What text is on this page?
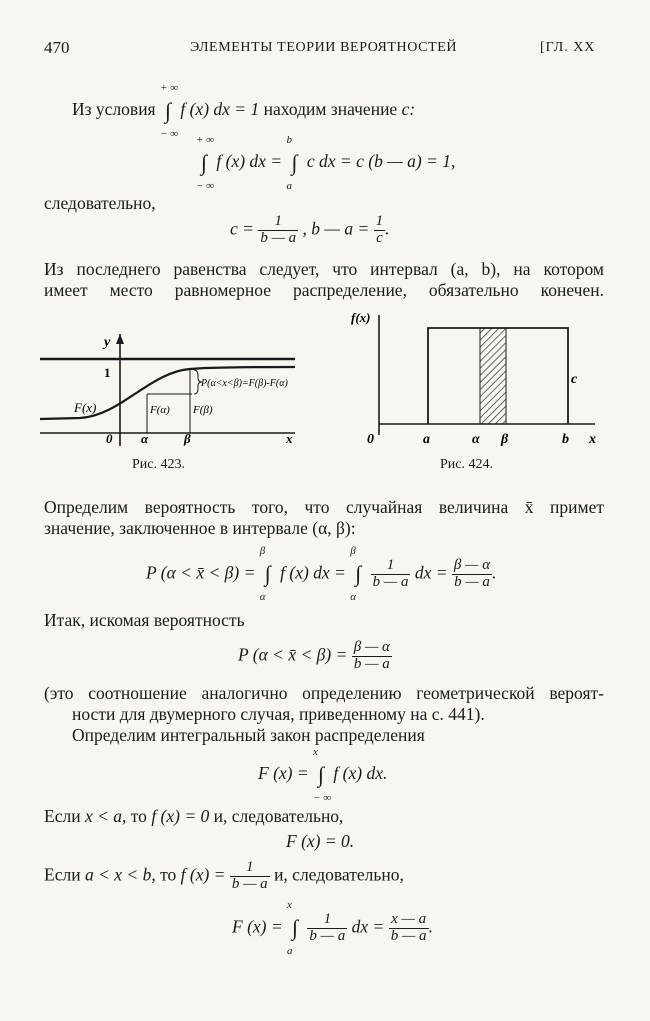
470	ЭЛЕМЕНТЫ ТЕОРИИ ВЕРОЯТНОСТЕЙ	[ГЛ. XX
Из условия ∫
+ ∞
− ∞
f (x) dx = 1 находим значение c:
∫
+ ∞
− ∞
f (x) dx = ∫
b
a
c dx = c (b — a) = 1,
следовательно,
$c = \frac{1}{b — a}$ , b — $a = \frac{1}{c}$ .
Из последнего равенства следует, что интервал (a, b), на котором
имеет место равномерное распределение, обязательно конечен.
y
1
F(x)	F(α) F(β)
P(α<x<β)=F(β)-F(α)
0 α	β	x
Рис. 423.
f(x)
c
0	a	α β	b x
Рис. 424.
Определим вероятность того, что случайная величина x̄ примет
значение, заключенное в интервале (α, β):
P (α < x̄ < β) = ∫
β
α
f (x) dx = ∫
β
α

$\frac{1}{b — a}$ dx = $\frac{\beta — \alpha}{b — a}$ .
Итак, искомая вероятность
P (α < x̄ < $\beta) = \frac{\beta — \alpha}{b — a}$
(это соотношение аналогично определению геометрической вероят-
ности для двумерного случая, приведенному на с. 441).
Определим интегральный закон распределения
F (x) = ∫
x
− ∞
f (x) dx.
Если x < a, то f (x) = 0 и, следовательно,
F (x) = 0.
Если a < x < b, то f $(x) = \frac{1}{b — a} и$, следовательно,
F (x) = ∫
x
a

$\frac{1}{b — a}$ dx = $\frac{x — a}{b — a}$ .
